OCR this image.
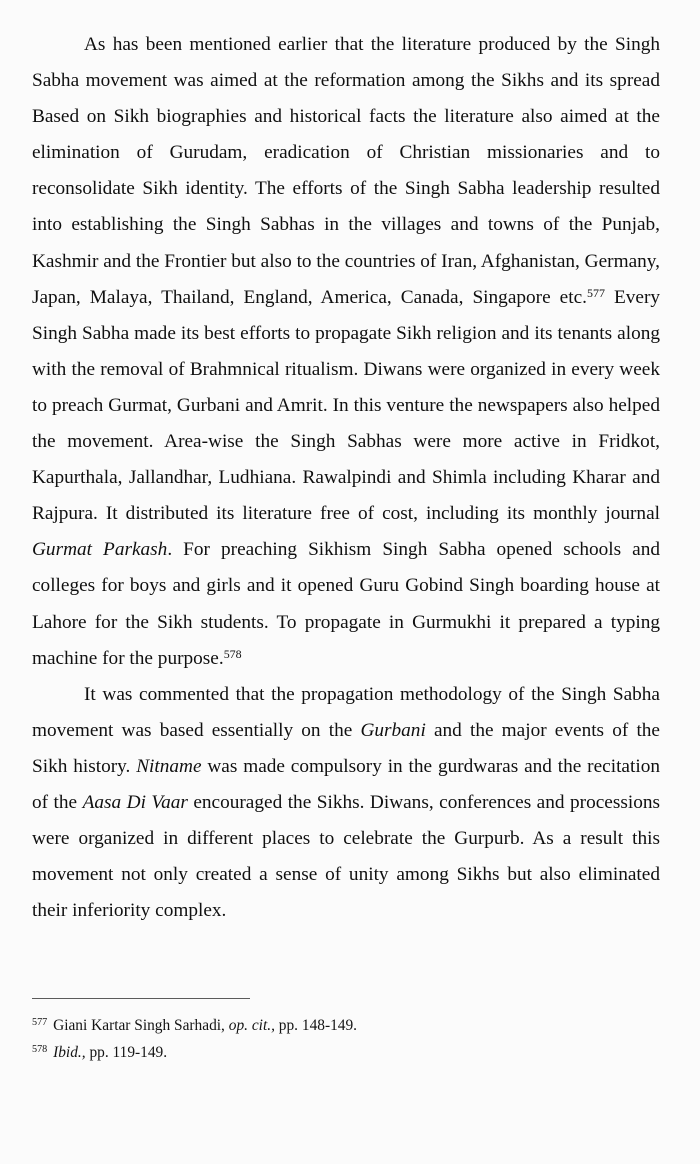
As has been mentioned earlier that the literature produced by the Singh Sabha movement was aimed at the reformation among the Sikhs and its spread Based on Sikh biographies and historical facts the literature also aimed at the elimination of Gurudam, eradication of Christian missionaries and to reconsolidate Sikh identity. The efforts of the Singh Sabha leadership resulted into establishing the Singh Sabhas in the villages and towns of the Punjab, Kashmir and the Frontier but also to the countries of Iran, Afghanistan, Germany, Japan, Malaya, Thailand, England, America, Canada, Singapore etc.$^{577}$ Every Singh Sabha made its best efforts to propagate Sikh religion and its tenants along with the removal of Brahmnical ritualism. Diwans were organized in every week to preach Gurmat, Gurbani and Amrit. In this venture the newspapers also helped the movement. Area-wise the Singh Sabhas were more active in Fridkot, Kapurthala, Jallandhar, Ludhiana. Rawalpindi and Shimla including Kharar and Rajpura. It distributed its literature free of cost, including its monthly journal Gurmat Parkash. For preaching Sikhism Singh Sabha opened schools and colleges for boys and girls and it opened Guru Gobind Singh boarding house at Lahore for the Sikh students. To propagate in Gurmukhi it prepared a typing machine for the purpose.$^{578}$

It was commented that the propagation methodology of the Singh Sabha movement was based essentially on the Gurbani and the major events of the Sikh history. Nitname was made compulsory in the gurdwaras and the recitation of the Aasa Di Vaar encouraged the Sikhs. Diwans, conferences and processions were organized in different places to celebrate the Gurpurb. As a result this movement not only created a sense of unity among Sikhs but also eliminated their inferiority complex.

$^{577}$ Giani Kartar Singh Sarhadi, op. cit., pp. 148-149.

$^{578}$ Ibid., pp. 119-149.
